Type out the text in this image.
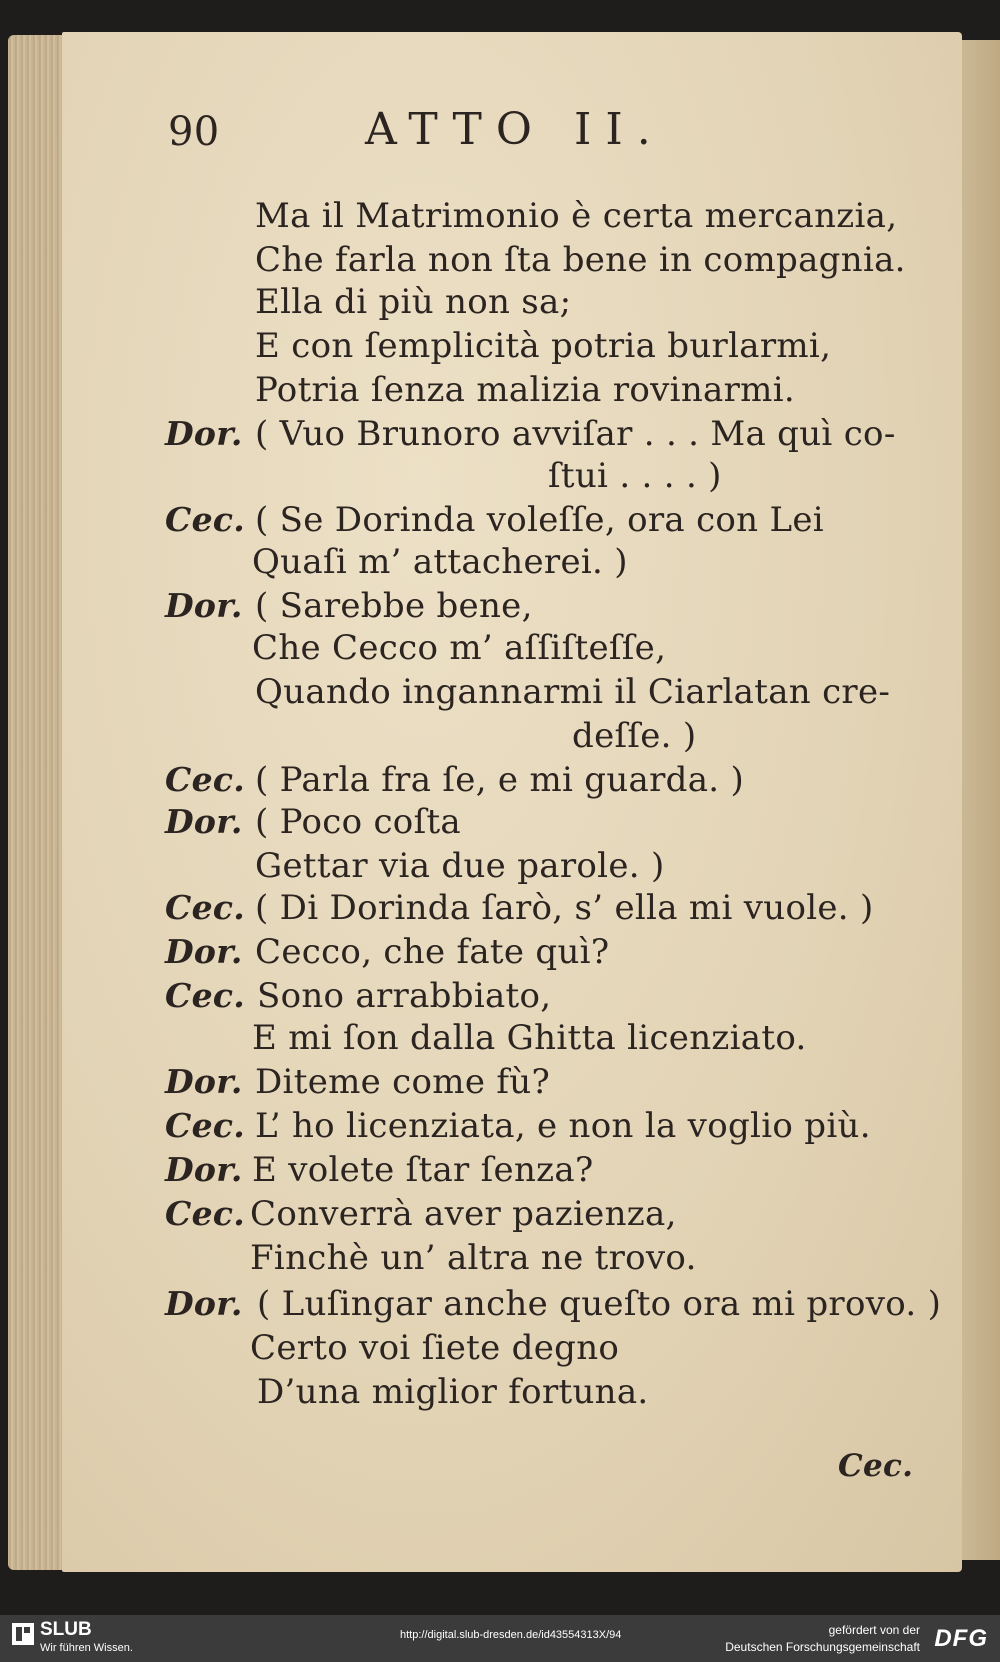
90	ATTO II.
Ma il Matrimonio è certa mercanzia,
Che farla non ſta bene in compagnia.
Ella di più non sa;
E con ſemplicità potria burlarmi,
Potria ſenza malizia rovinarmi.
Dor. ( Vuo Brunoro avviſar . . . Ma quì co-
ſtui . . . . )
Cec. ( Se Dorinda voleſſe, ora con Lei
Quaſi m’ attacherei. )
Dor. ( Sarebbe bene,
Che Cecco m’ aſſiſteſſe,
Quando ingannarmi il Ciarlatan cre-
deſſe. )
Cec. ( Parla fra ſe, e mi guarda. )
Dor. ( Poco coſta
Gettar via due parole. )
Cec. ( Di Dorinda ſarò, s’ ella mi vuole. )
Dor. Cecco, che fate quì?
Cec. Sono arrabbiato,
E mi ſon dalla Ghitta licenziato.
Dor. Diteme come fù?
Cec. L’ ho licenziata, e non la voglio più.
Dor. E volete ſtar ſenza?
Cec. Converrà aver pazienza,
Finchè un’ altra ne trovo.
Dor. ( Luſingar anche queſto ora mi provo. )
Certo voi ſiete degno
D’una miglior fortuna.
Cec.
SLUB
Wir führen Wissen.
http://digital.slub-dresden.de/id43554313X/94	gefördert von der
Deutschen Forschungsgemeinschaft DFG
